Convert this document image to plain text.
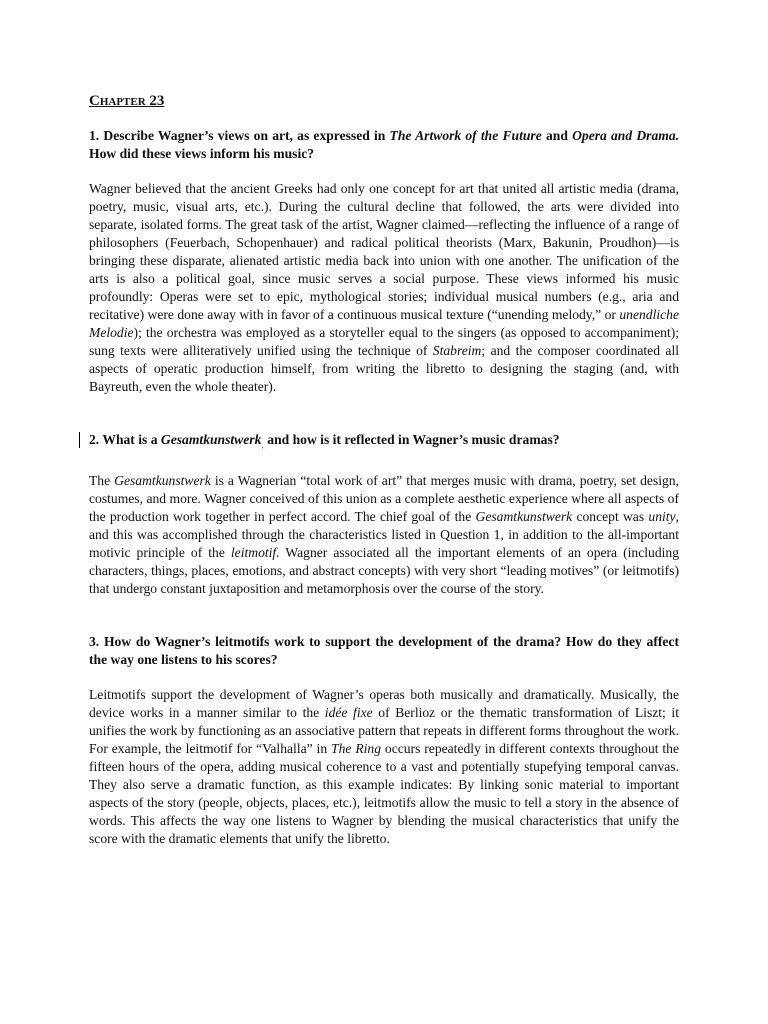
Chapter 23

1. Describe Wagner’s views on art, as expressed in The Artwork of the Future and Opera and Drama. How did these views inform his music?

Wagner believed that the ancient Greeks had only one concept for art that united all artistic media (drama, poetry, music, visual arts, etc.). During the cultural decline that followed, the arts were divided into separate, isolated forms. The great task of the artist, Wagner claimed—reflecting the influence of a range of philosophers (Feuerbach, Schopenhauer) and radical political theorists (Marx, Bakunin, Proudhon)—is bringing these disparate, alienated artistic media back into union with one another. The unification of the arts is also a political goal, since music serves a social purpose. These views informed his music profoundly: Operas were set to epic, mythological stories; individual musical numbers (e.g., aria and recitative) were done away with in favor of a continuous musical texture (“unending melody,” or unendliche Melodie); the orchestra was employed as a storyteller equal to the singers (as opposed to accompaniment); sung texts were alliteratively unified using the technique of Stabreim; and the composer coordinated all aspects of operatic production himself, from writing the libretto to designing the staging (and, with Bayreuth, even the whole theater).

2. What is a Gesamtkunstwerk$_,$ and how is it reflected in Wagner’s music dramas?

The Gesamtkunstwerk is a Wagnerian “total work of art” that merges music with drama, poetry, set design, costumes, and more. Wagner conceived of this union as a complete aesthetic experience where all aspects of the production work together in perfect accord. The chief goal of the Gesamtkunstwerk concept was unity, and this was accomplished through the characteristics listed in Question 1, in addition to the all-important motivic principle of the leitmotif. Wagner associated all the important elements of an opera (including characters, things, places, emotions, and abstract concepts) with very short “leading motives” (or leitmotifs) that undergo constant juxtaposition and metamorphosis over the course of the story.

3. How do Wagner’s leitmotifs work to support the development of the drama? How do they affect the way one listens to his scores?

Leitmotifs support the development of Wagner’s operas both musically and dramatically. Musically, the device works in a manner similar to the idée fixe of Berlioz or the thematic transformation of Liszt; it unifies the work by functioning as an associative pattern that repeats in different forms throughout the work. For example, the leitmotif for “Valhalla” in The Ring occurs repeatedly in different contexts throughout the fifteen hours of the opera, adding musical coherence to a vast and potentially stupefying temporal canvas. They also serve a dramatic function, as this example indicates: By linking sonic material to important aspects of the story (people, objects, places, etc.), leitmotifs allow the music to tell a story in the absence of words. This affects the way one listens to Wagner by blending the musical characteristics that unify the score with the dramatic elements that unify the libretto.
